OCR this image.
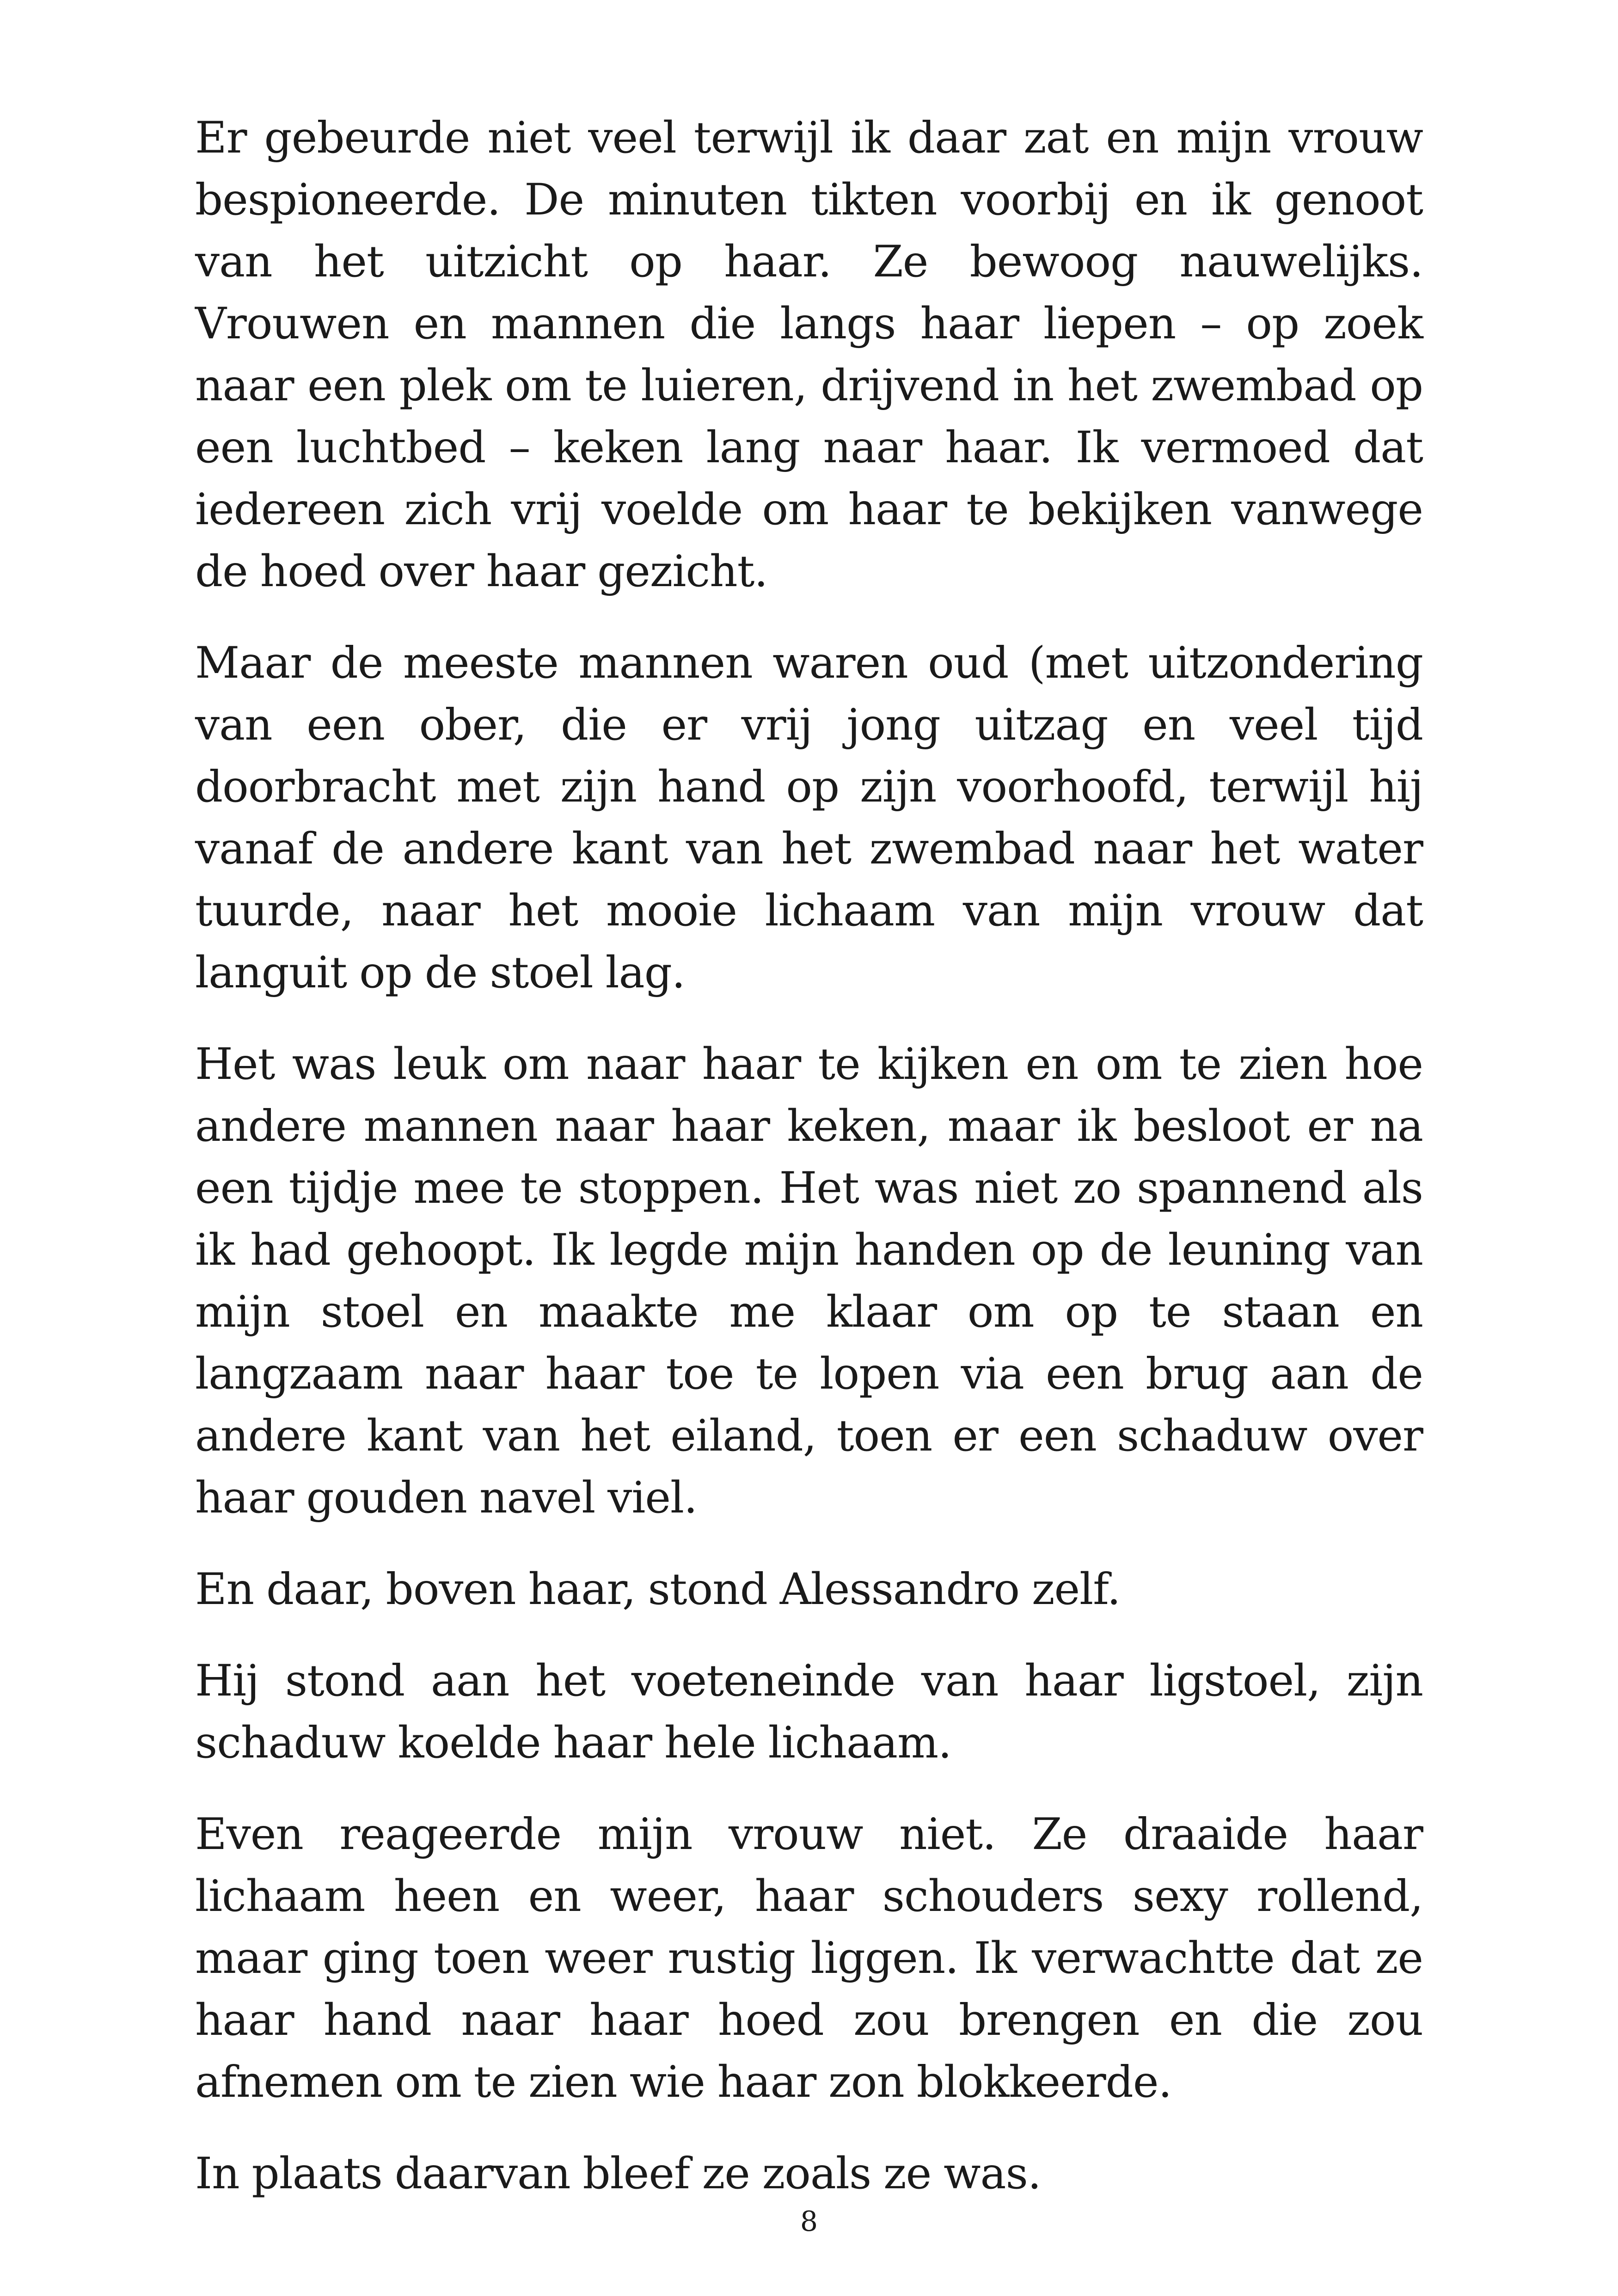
Er gebeurde niet veel terwijl ik daar zat en mijn vrouw bespioneerde. De minuten tikten voorbij en ik genoot van het uitzicht op haar. Ze bewoog nauwelijks. Vrouwen en mannen die langs haar liepen – op zoek naar een plek om te luieren, drijvend in het zwembad op een luchtbed – keken lang naar haar. Ik vermoed dat iedereen zich vrij voelde om haar te bekijken vanwege de hoed over haar gezicht.

Maar de meeste mannen waren oud (met uitzondering van een ober, die er vrij jong uitzag en veel tijd doorbracht met zijn hand op zijn voorhoofd, terwijl hij vanaf de andere kant van het zwembad naar het water tuurde, naar het mooie lichaam van mijn vrouw dat languit op de stoel lag.

Het was leuk om naar haar te kijken en om te zien hoe andere mannen naar haar keken, maar ik besloot er na een tijdje mee te stoppen. Het was niet zo spannend als ik had gehoopt. Ik legde mijn handen op de leuning van mijn stoel en maakte me klaar om op te staan en langzaam naar haar toe te lopen via een brug aan de andere kant van het eiland, toen er een schaduw over haar gouden navel viel.

En daar, boven haar, stond Alessandro zelf.

Hij stond aan het voeteneinde van haar ligstoel, zijn schaduw koelde haar hele lichaam.

Even reageerde mijn vrouw niet. Ze draaide haar lichaam heen en weer, haar schouders sexy rollend, maar ging toen weer rustig liggen. Ik verwachtte dat ze haar hand naar haar hoed zou brengen en die zou afnemen om te zien wie haar zon blokkeerde.

In plaats daarvan bleef ze zoals ze was.

8
